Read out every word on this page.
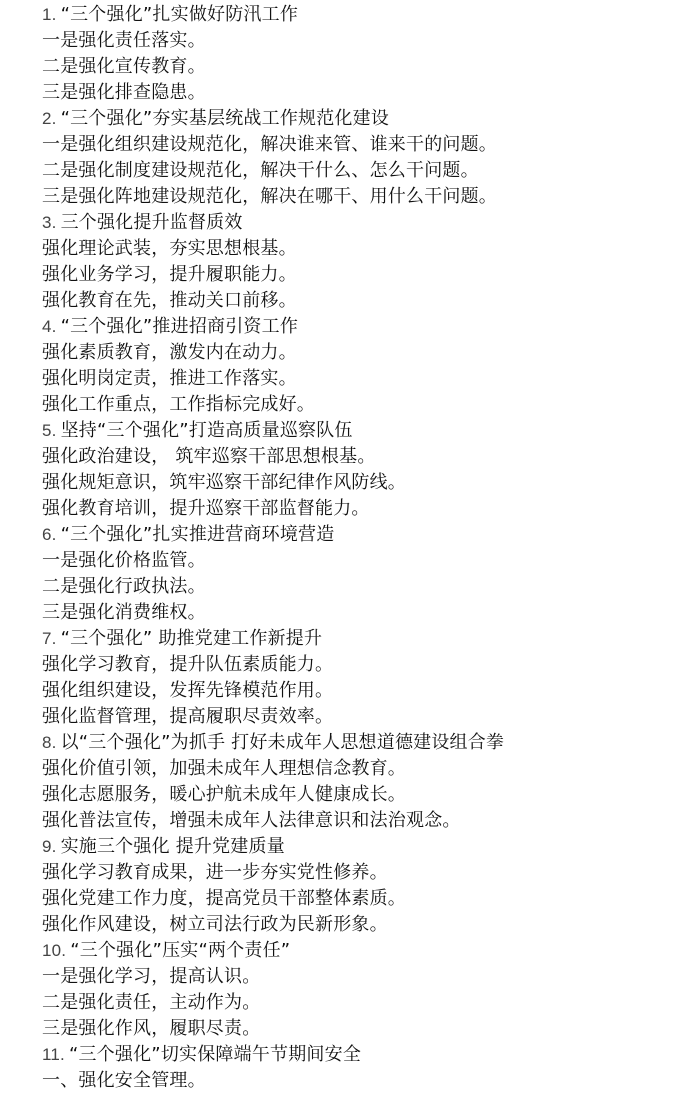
1. “三个强化”扎实做好防汛工作
一是强化责任落实。
二是强化宣传教育。
三是强化排查隐患。
2. “三个强化”夯实基层统战工作规范化建设
一是强化组织建设规范化，解决谁来管、谁来干的问题。
二是强化制度建设规范化，解决干什么、怎么干问题。
三是强化阵地建设规范化，解决在哪干、用什么干问题。
3. 三个强化提升监督质效
强化理论武装，夯实思想根基。
强化业务学习，提升履职能力。
强化教育在先，推动关口前移。
4. “三个强化”推进招商引资工作
强化素质教育，激发内在动力。
强化明岗定责，推进工作落实。
强化工作重点，工作指标完成好。
5. 坚持“三个强化”打造高质量巡察队伍
强化政治建设， 筑牢巡察干部思想根基。
强化规矩意识，筑牢巡察干部纪律作风防线。
强化教育培训，提升巡察干部监督能力。
6. “三个强化”扎实推进营商环境营造
一是强化价格监管。
二是强化行政执法。
三是强化消费维权。
7. “三个强化” 助推党建工作新提升
强化学习教育，提升队伍素质能力。
强化组织建设，发挥先锋模范作用。
强化监督管理，提高履职尽责效率。
8. 以“三个强化”为抓手 打好未成年人思想道德建设组合拳
强化价值引领，加强未成年人理想信念教育。
强化志愿服务，暖心护航未成年人健康成长。
强化普法宣传，增强未成年人法律意识和法治观念。
9. 实施三个强化 提升党建质量
强化学习教育成果，进一步夯实党性修养。
强化党建工作力度，提高党员干部整体素质。
强化作风建设，树立司法行政为民新形象。
10. “三个强化”压实“两个责任”
一是强化学习，提高认识。
二是强化责任，主动作为。
三是强化作风，履职尽责。
11. “三个强化”切实保障端午节期间安全
一、强化安全管理。
